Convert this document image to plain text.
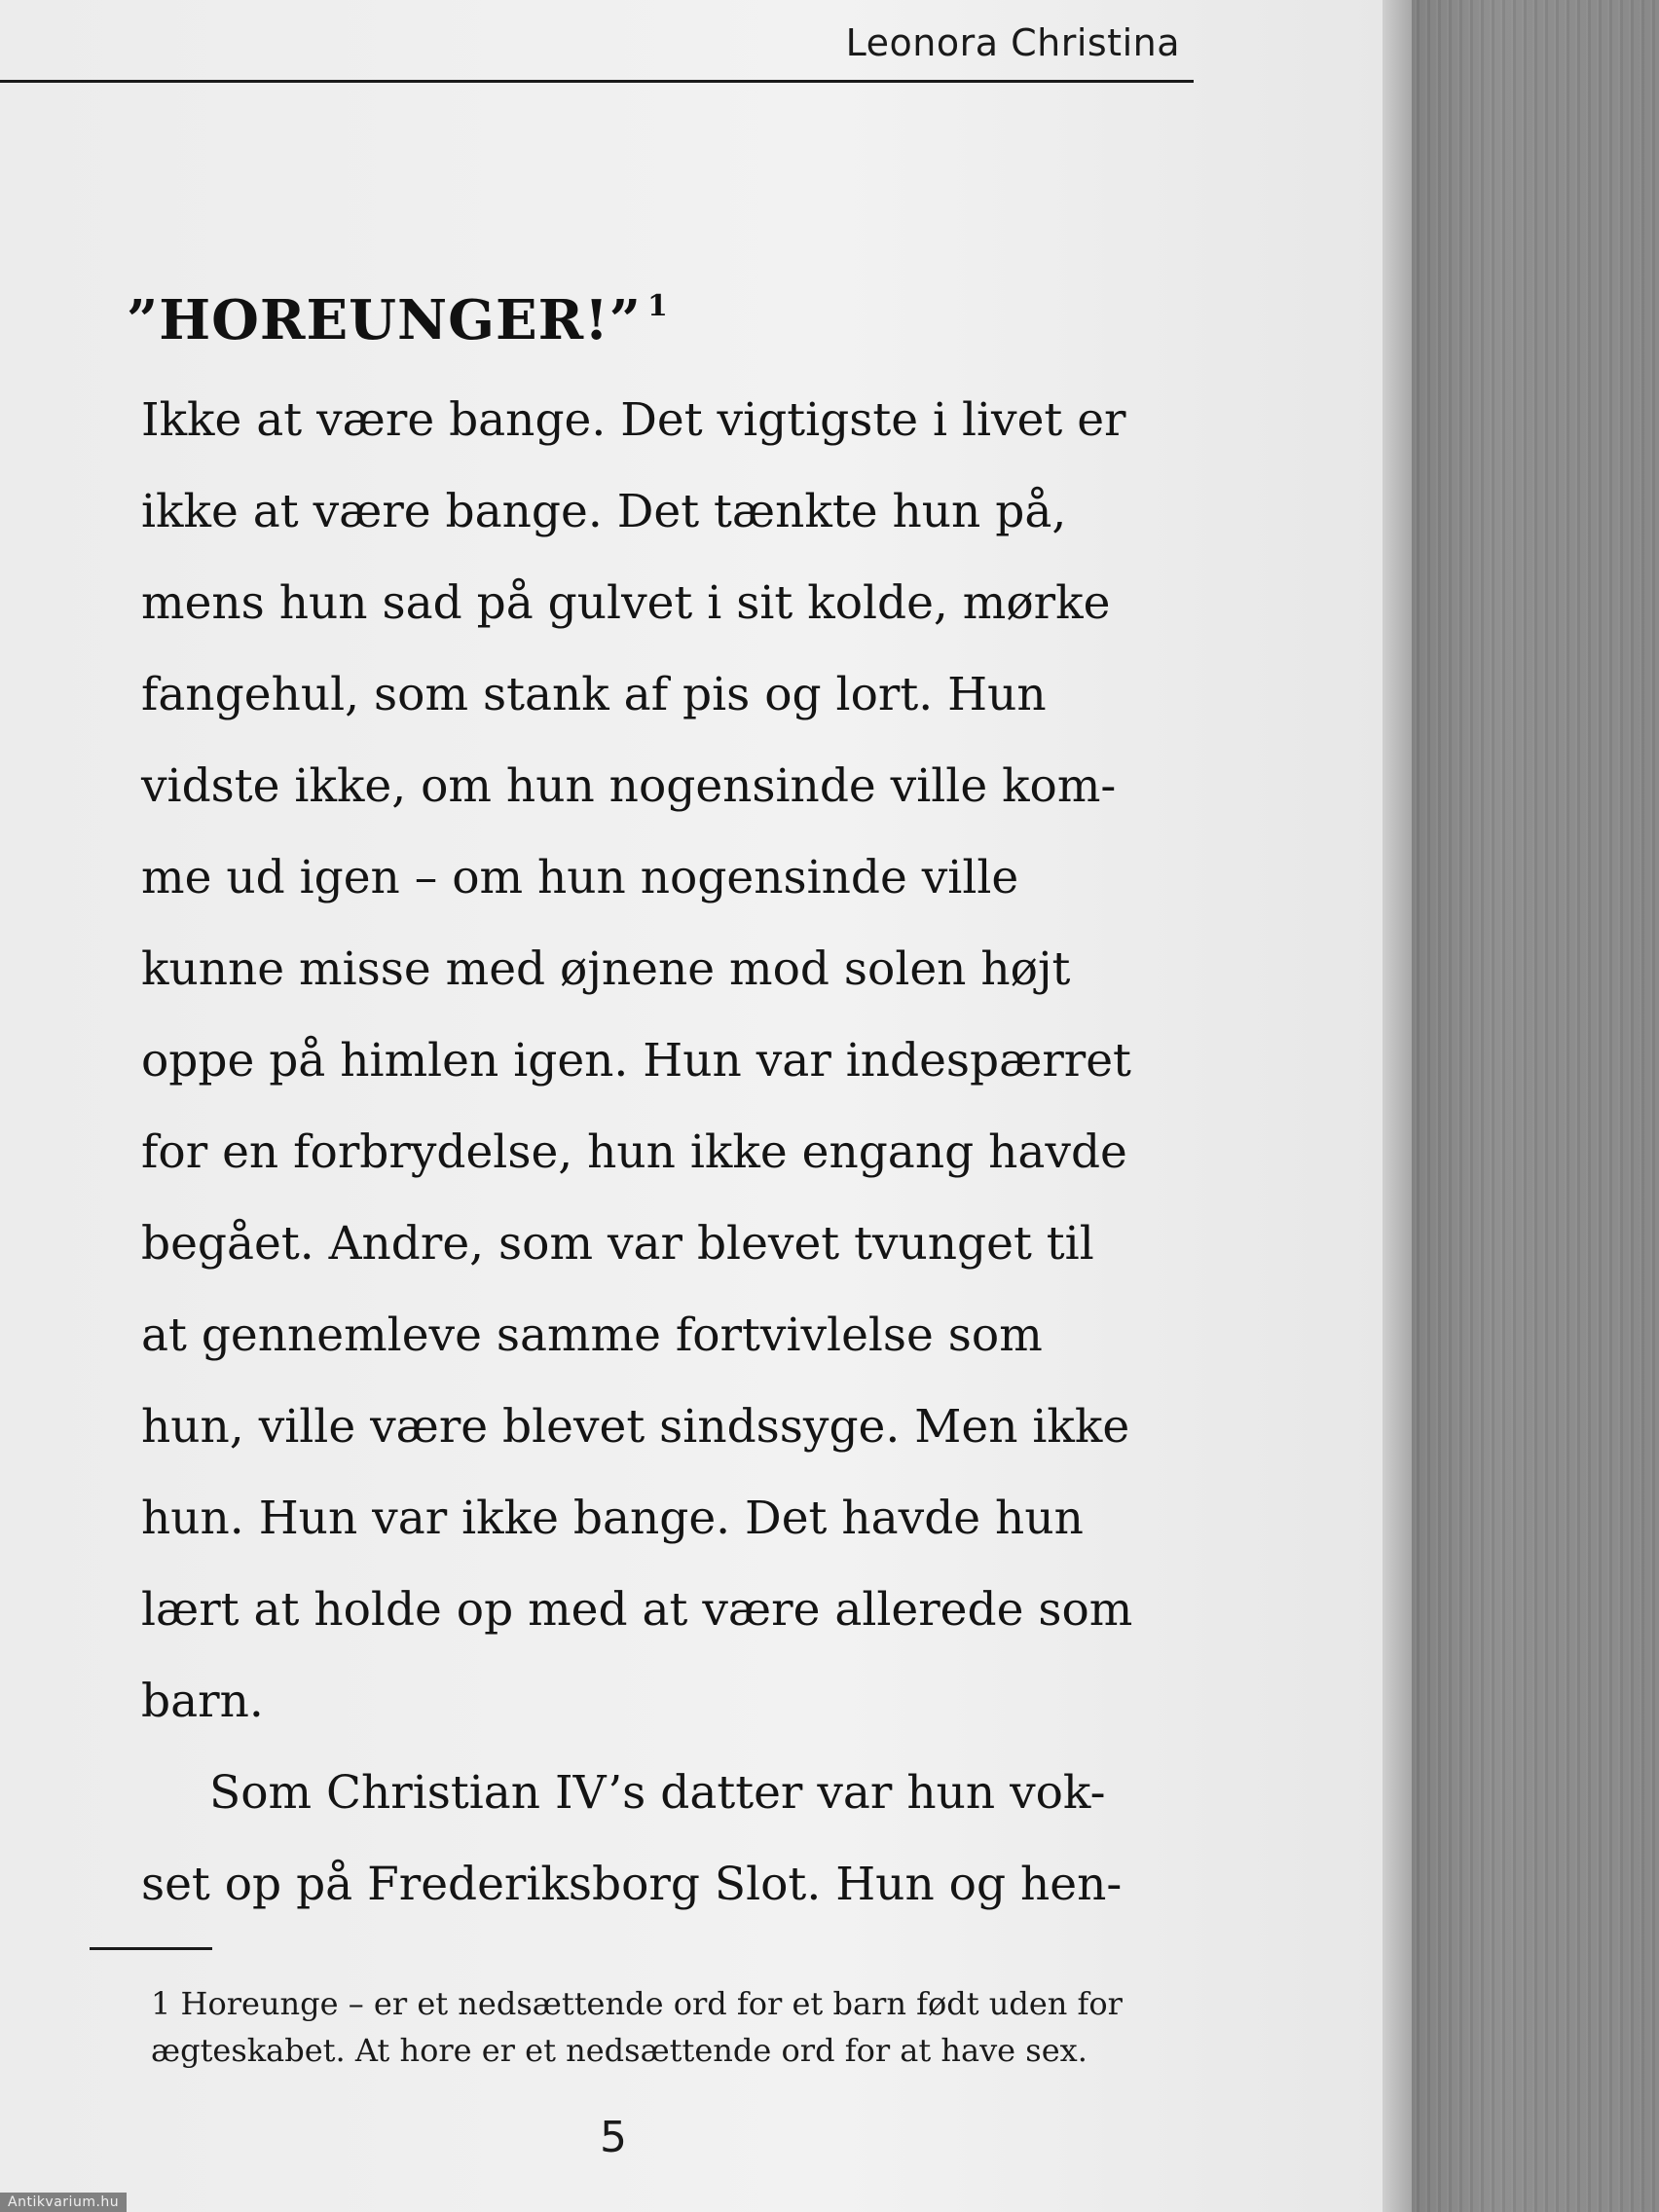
Leonora Christina
”HOREUNGER!” $^1$
Ikke at være bange. Det vigtigste i livet er
ikke at være bange. Det tænkte hun på,
mens hun sad på gulvet i sit kolde, mørke
fangehul, som stank af pis og lort. Hun
vidste ikke, om hun nogensinde ville kom-
me ud igen – om hun nogensinde ville
kunne misse med øjnene mod solen højt
oppe på himlen igen. Hun var indespærret
for en forbrydelse, hun ikke engang havde
begået. Andre, som var blevet tvunget til
at gennemleve samme fortvivlelse som
hun, ville være blevet sindssyge. Men ikke
hun. Hun var ikke bange. Det havde hun
lært at holde op med at være allerede som
barn.
Som Christian IV’s datter var hun vok-
set op på Frederiksborg Slot. Hun og hen-
1 Horeunge – er et nedsættende ord for et barn født uden for
ægteskabet. At hore er et nedsættende ord for at have sex.
5
Antikvarium.hu
